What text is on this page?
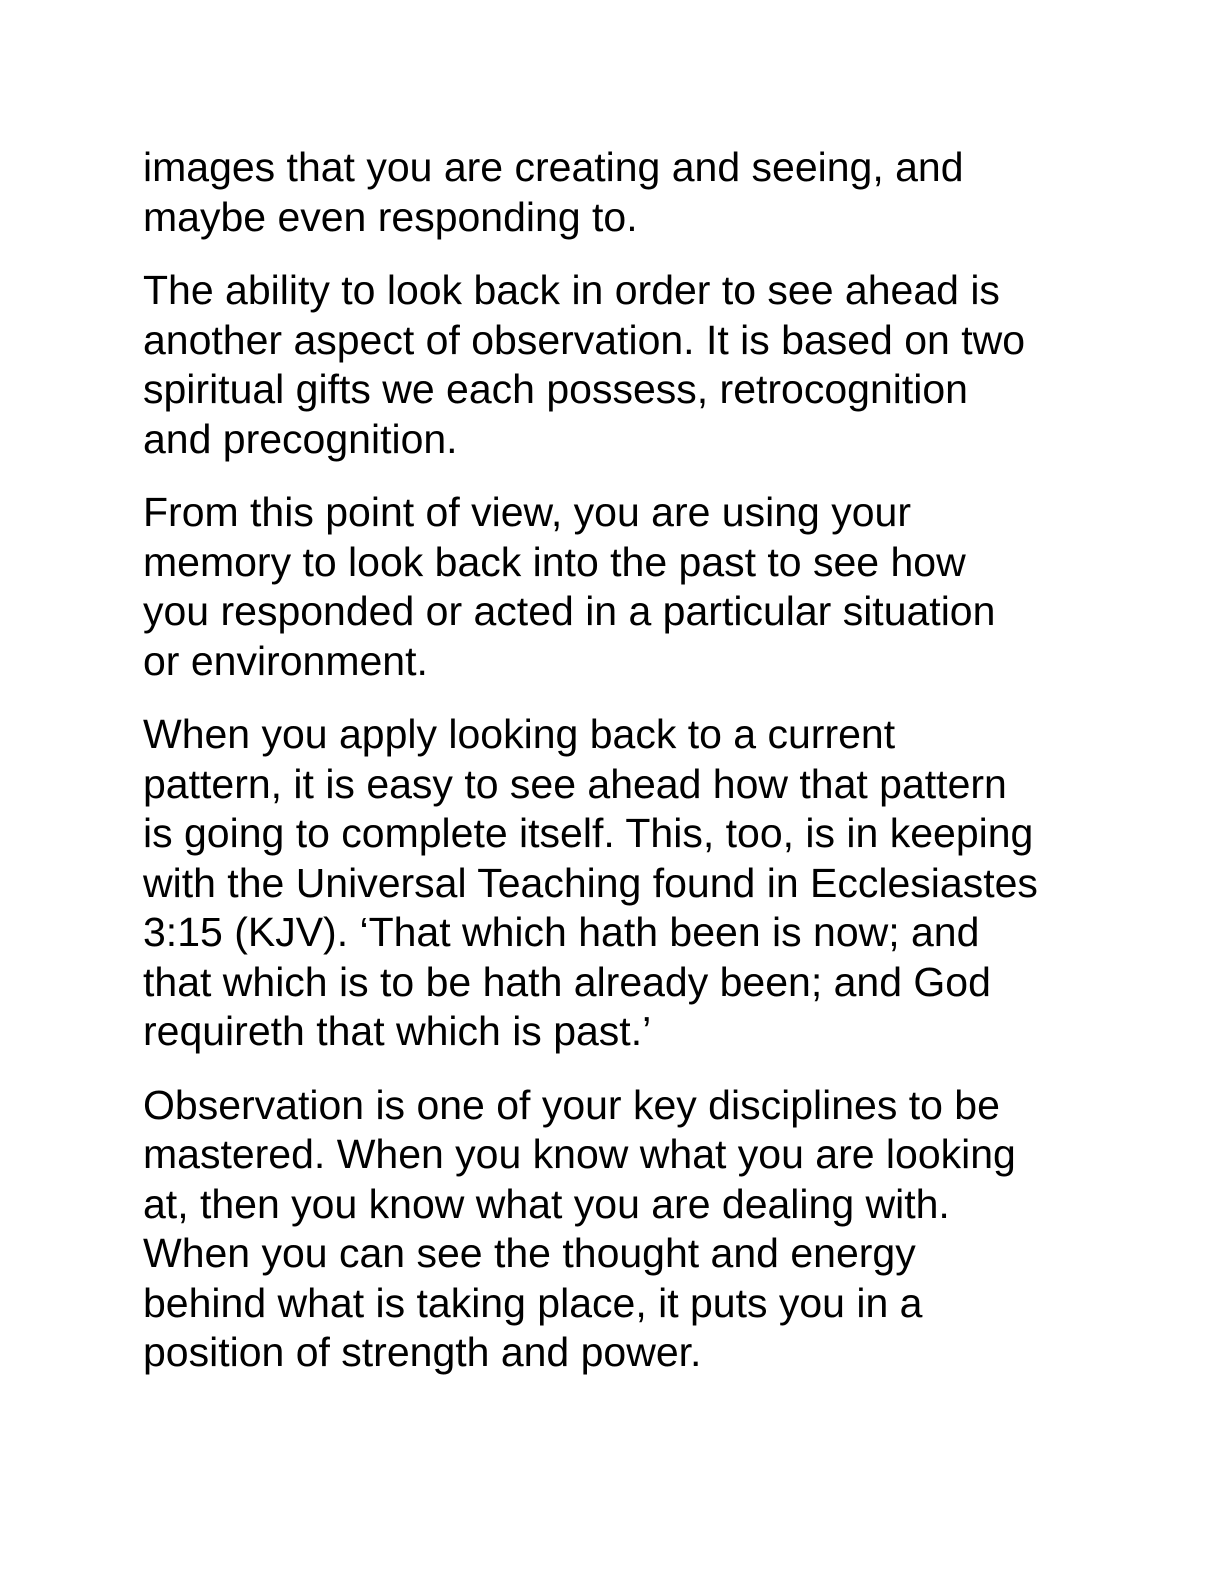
images that you are creating and seeing, and
maybe even responding to.

The ability to look back in order to see ahead is
another aspect of observation. It is based on two
spiritual gifts we each possess, retrocognition
and precognition.

From this point of view, you are using your
memory to look back into the past to see how
you responded or acted in a particular situation
or environment.

When you apply looking back to a current
pattern, it is easy to see ahead how that pattern
is going to complete itself. This, too, is in keeping
with the Universal Teaching found in Ecclesiastes
3:15 (KJV). ‘That which hath been is now; and
that which is to be hath already been; and God
requireth that which is past.’

Observation is one of your key disciplines to be
mastered. When you know what you are looking
at, then you know what you are dealing with.
When you can see the thought and energy
behind what is taking place, it puts you in a
position of strength and power.
